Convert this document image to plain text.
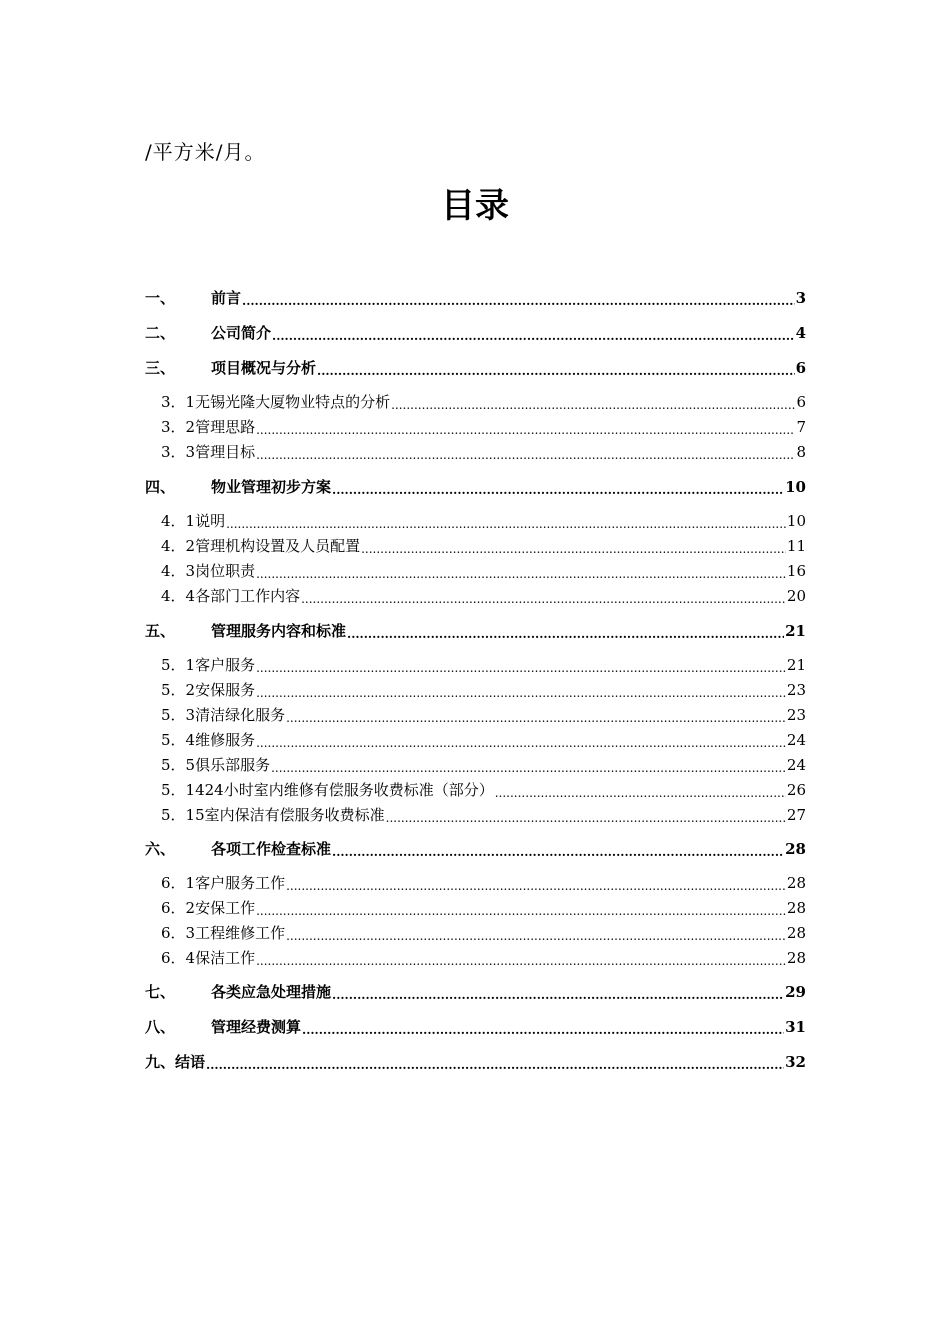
/平方米/月。
目录
一、	前言 .....	3
二、	公司简介 .....	4
三、	项目概况与分析 .....	6
3．1 无锡光隆大厦物业特点的分析 .....	6
3．2 管理思路 .....	7
3．3 管理目标 .....	8
四、	物业管理初步方案 .....	10
4．1 说明 .....	10
4．2 管理机构设置及人员配置 .....	11
4．3 岗位职责 .....	16
4．4 各部门工作内容 .....	20
五、	管理服务内容和标准 .....	21
5．1 客户服务 .....	21
5．2 安保服务 .....	23
5．3 清洁绿化服务 .....	23
5．4 维修服务 .....	24
5．5 俱乐部服务 .....	24
5．14 24小时室内维修有偿服务收费标准（部分） .....	26
5．15 室内保洁有偿服务收费标准 .....	27
六、	各项工作检查标准 .....	28
6．1 客户服务工作 .....	28
6．2 安保工作 .....	28
6．3 工程维修工作 .....	28
6．4 保洁工作 .....	28
七、	各类应急处理措施 .....	29
八、	管理经费测算 .....	31
九、 结语 .....	32
